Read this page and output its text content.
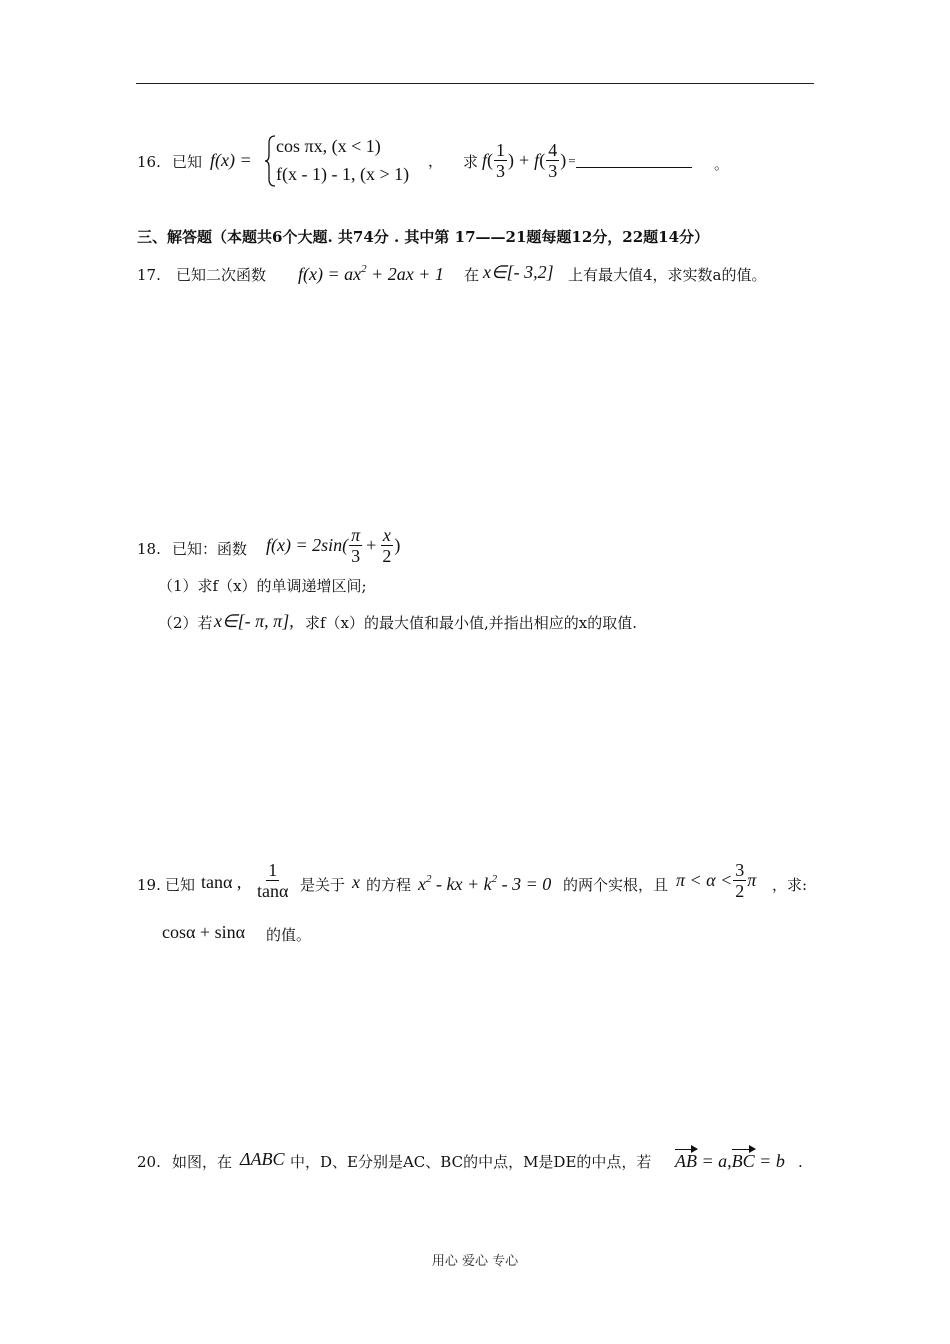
16. 已知 f(x) =
cos πx, (x < 1)
f(x - 1) - 1, (x > 1)
， 求 f ( $\frac{1}{3}$ ) + f ( $\frac{4}{3}$ ) =	。
三、解答题（本题共6个大题. 共74分 . 其中第 17——21题每题12分，22题14分）
17. 已知二次函数 $f(x) = ax^2 + 2ax + 1$ 在 x∈[- 3,2] 上有最大值4，求实数a的值。
18. 已知：函数 $f(x) = 2\sin( \frac{\pi}{3} + \frac{x}{2}$ )
（1）求f（x）的单调递增区间;
（2）若 x∈[- π, π], 求f（x）的最大值和最小值,并指出相应的x的取值.
19. 已知 tanα , $\frac{1}{\tan\alpha}$ 是关于 x 的方程 $x^2$ - kx + $k^2 - 3 = 0$ 的两个实根，且 $\pi < \alpha < \frac{3}{2}$ π ，求:
cosα + sinα 的值。
20. 如图，在 ΔABC 中，D、E分别是AC、BC的中点，M是DE的中点，若 AB = a,BC = b .
用心 爱心 专心
